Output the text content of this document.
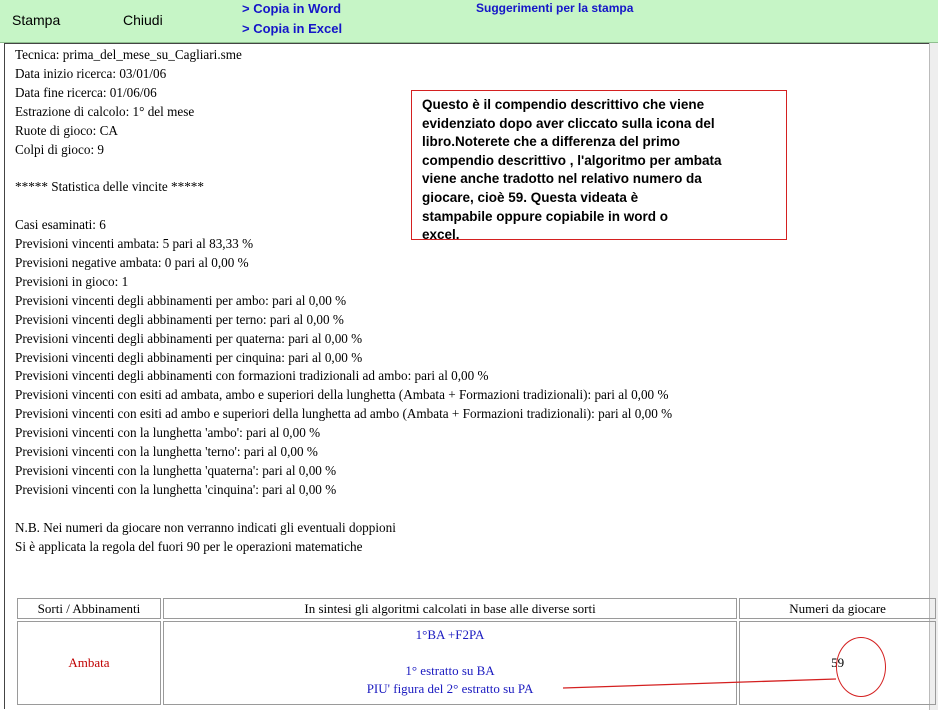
Stampa	Chiudi
> Copia in Word
> Copia in Excel
Suggerimenti per la stampa
Tecnica: prima_del_mese_su_Cagliari.sme
Data inizio ricerca: 03/01/06
Data fine ricerca: 01/06/06
Estrazione di calcolo: 1° del mese
Ruote di gioco: CA
Colpi di gioco: 9

***** Statistica delle vincite *****

Casi esaminati: 6
Previsioni vincenti ambata: 5 pari al 83,33 %
Previsioni negative ambata: 0 pari al 0,00 %
Previsioni in gioco: 1
Previsioni vincenti degli abbinamenti per ambo: pari al 0,00 %
Previsioni vincenti degli abbinamenti per terno: pari al 0,00 %
Previsioni vincenti degli abbinamenti per quaterna: pari al 0,00 %
Previsioni vincenti degli abbinamenti per cinquina: pari al 0,00 %
Previsioni vincenti degli abbinamenti con formazioni tradizionali ad ambo: pari al 0,00 %
Previsioni vincenti con esiti ad ambata, ambo e superiori della lunghetta (Ambata + Formazioni tradizionali): pari al 0,00 %
Previsioni vincenti con esiti ad ambo e superiori della lunghetta ad ambo (Ambata + Formazioni tradizionali): pari al 0,00 %
Previsioni vincenti con la lunghetta 'ambo': pari al 0,00 %
Previsioni vincenti con la lunghetta 'terno': pari al 0,00 %
Previsioni vincenti con la lunghetta 'quaterna': pari al 0,00 %
Previsioni vincenti con la lunghetta 'cinquina': pari al 0,00 %

N.B. Nei numeri da giocare non verranno indicati gli eventuali doppioni
Si è applicata la regola del fuori 90 per le operazioni matematiche
Questo è il compendio descrittivo che viene
evidenziato dopo aver cliccato sulla icona del
libro.Noterete che a differenza del primo
compendio descrittivo , l'algoritmo per ambata
viene anche tradotto nel relativo numero da
giocare, cioè 59. Questa videata è
stampabile oppure copiabile in word o
excel.
Sorti / Abbinamenti	In sintesi gli algoritmi calcolati in base alle diverse sorti	Numeri da giocare
Ambata	1°BA +F2PA
1° estratto su BA
PIU' figura del 2° estratto su PA	59
